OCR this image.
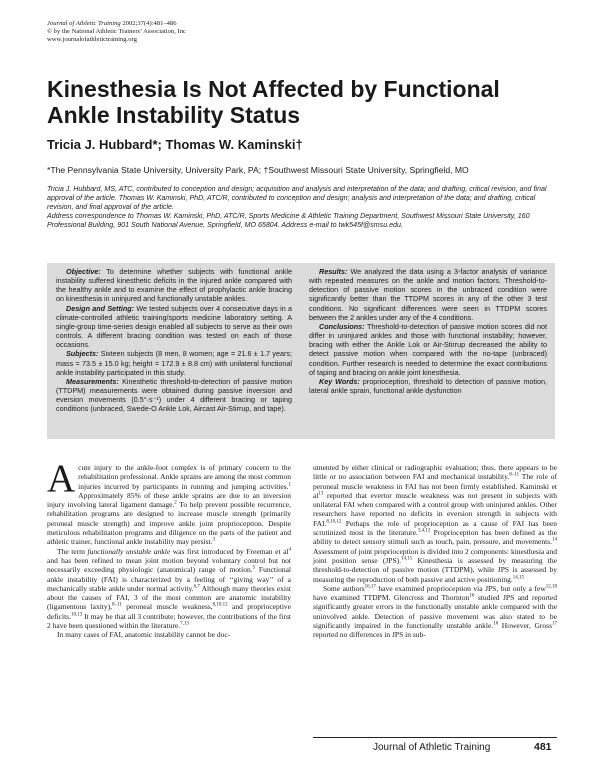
Journal of Athletic Training 2002;37(4):481–486
© by the National Athletic Trainers’ Association, Inc
www.journalofathletictraining.org
Kinesthesia Is Not Affected by Functional Ankle Instability Status
Tricia J. Hubbard*; Thomas W. Kaminski†
*The Pennsylvania State University, University Park, PA; †Southwest Missouri State University, Springfield, MO

Tricia J. Hubbard, MS, ATC, contributed to conception and design; acquisition and analysis and interpretation of the data; and drafting, critical revision, and final approval of the article. Thomas W. Kaminski, PhD, ATC/R, contributed to conception and design; analysis and interpretation of the data; and drafting, critical revision, and final approval of the article.

Address correspondence to Thomas W. Kaminski, PhD, ATC/R, Sports Medicine & Athletic Training Department, Southwest Missouri State University, 160 Professional Building, 901 South National Avenue, Springfield, MO 65804. Address e-mail to twk545f@smsu.edu.

Objective: To determine whether subjects with functional ankle instability suffered kinesthetic deficits in the injured ankle compared with the healthy ankle and to examine the effect of prophylactic ankle bracing on kinesthesia in uninjured and functionally unstable ankles.

Design and Setting: We tested subjects over 4 consecutive days in a climate-controlled athletic training/sports medicine laboratory setting. A single-group time-series design enabled all subjects to serve as their own controls. A different bracing condition was tested on each of those occasions.

Subjects: Sixteen subjects (8 men, 8 women; age = 21.6 ± 1.7 years; mass = 73.5 ± 15.0 kg; height = 172.9 ± 8.8 cm) with unilateral functional ankle instability participated in this study.

Measurements: Kinesthetic threshold-to-detection of passive motion (TTDPM) measurements were obtained during passive inversion and eversion movements (0.5°·s⁻¹) under 4 different bracing or taping conditions (unbraced, Swede-O Ankle Lok, Aircast Air-Stirrup, and tape).

Results: We analyzed the data using a 3-factor analysis of variance with repeated measures on the ankle and motion factors. Threshold-to-detection of passive motion scores in the unbraced condition were significantly better than the TTDPM scores in any of the other 3 test conditions. No significant differences were seen in TTDPM scores between the 2 ankles under any of the 4 conditions.

Conclusions: Threshold-to-detection of passive motion scores did not differ in uninjured ankles and those with functional instability; however, bracing with either the Ankle Lok or Air-Stirrup decreased the ability to detect passive motion when compared with the no-tape (unbraced) condition. Further research is needed to determine the exact contributions of taping and bracing on ankle joint kinesthesia.

Key Words: proprioception, threshold to detection of passive motion, lateral ankle sprain, functional ankle dysfunction

Acute injury to the ankle-foot complex is of primary concern to the rehabilitation professional. Ankle sprains are among the most common injuries incurred by participants in running and jumping activities.$^1$ Approximately 85% of these ankle sprains are due to an inversion injury involving lateral ligament damage.$^2$ To help prevent possible recurrence, rehabilitation programs are designed to increase muscle strength (primarily peroneal muscle strength) and improve ankle joint proprioception. Despite meticulous rehabilitation programs and diligence on the parts of the patient and athletic trainer, functional ankle instability may persist.$^3$

The term functionally unstable ankle was first introduced by Freeman et $al^4$ and has been refined to mean joint motion beyond voluntary control but not necessarily exceeding physiologic (anatomical) range of motion.$^5$ Functional ankle instability (FAI) is characterized by a feeling of ‘‘giving way’’ of a mechanically stable ankle under normal activity.$^{6,7}$ Although many theories exist about the causes of FAI, 3 of the most common are anatomic instability (ligamentous laxity),$^{8-11}$ peroneal muscle weakness,$^{8,10,12}$ and proprioceptive deficits.$^{10,13}$ It may be that all 3 contribute; however, the contributions of the first 2 have been questioned within the literature.$^{7,13}$

In many cases of FAI, anatomic instability cannot be doc-

umented by either clinical or radiographic evaluation; thus, there appears to be little or no association between FAI and mechanical instability.$^{8-11}$ The role of peroneal muscle weakness in FAI has not been firmly established. Kaminski et $al^{13}$ reported that evertor muscle weakness was not present in subjects with unilateral FAI when compared with a control group with uninjured ankles. Other researchers have reported no deficits in eversion strength in subjects with FAI.$^{8,10,12}$ Perhaps the role of proprioception as a cause of FAI has been scrutinized most in the literature.$^{3,4,12}$ Proprioception has been defined as the ability to detect sensory stimuli such as touch, pain, pressure, and movements.$^{14}$ Assessment of joint proprioception is divided into 2 components: kinesthesia and joint position sense (JPS).$^{14,15}$ Kinesthesia is assessed by measuring the threshold-to-detection of passive motion (TTDPM), while JPS is assessed by measuring the reproduction of both passive and active positioning.$^{14,15}$

Some authors$^{16,17}$ have examined proprioception via JPS, but only a few$^{12,18}$ have examined TTDPM. Glencross and Thornton$^{16}$ studied JPS and reported significantly greater errors in the functionally unstable ankle compared with the uninvolved ankle. Detection of passive movement was also stated to be significantly impaired in the functionally unstable ankle.$^{16}$ However, Gross$^{17}$ reported no differences in JPS in sub-

Journal of Athletic Training	481
